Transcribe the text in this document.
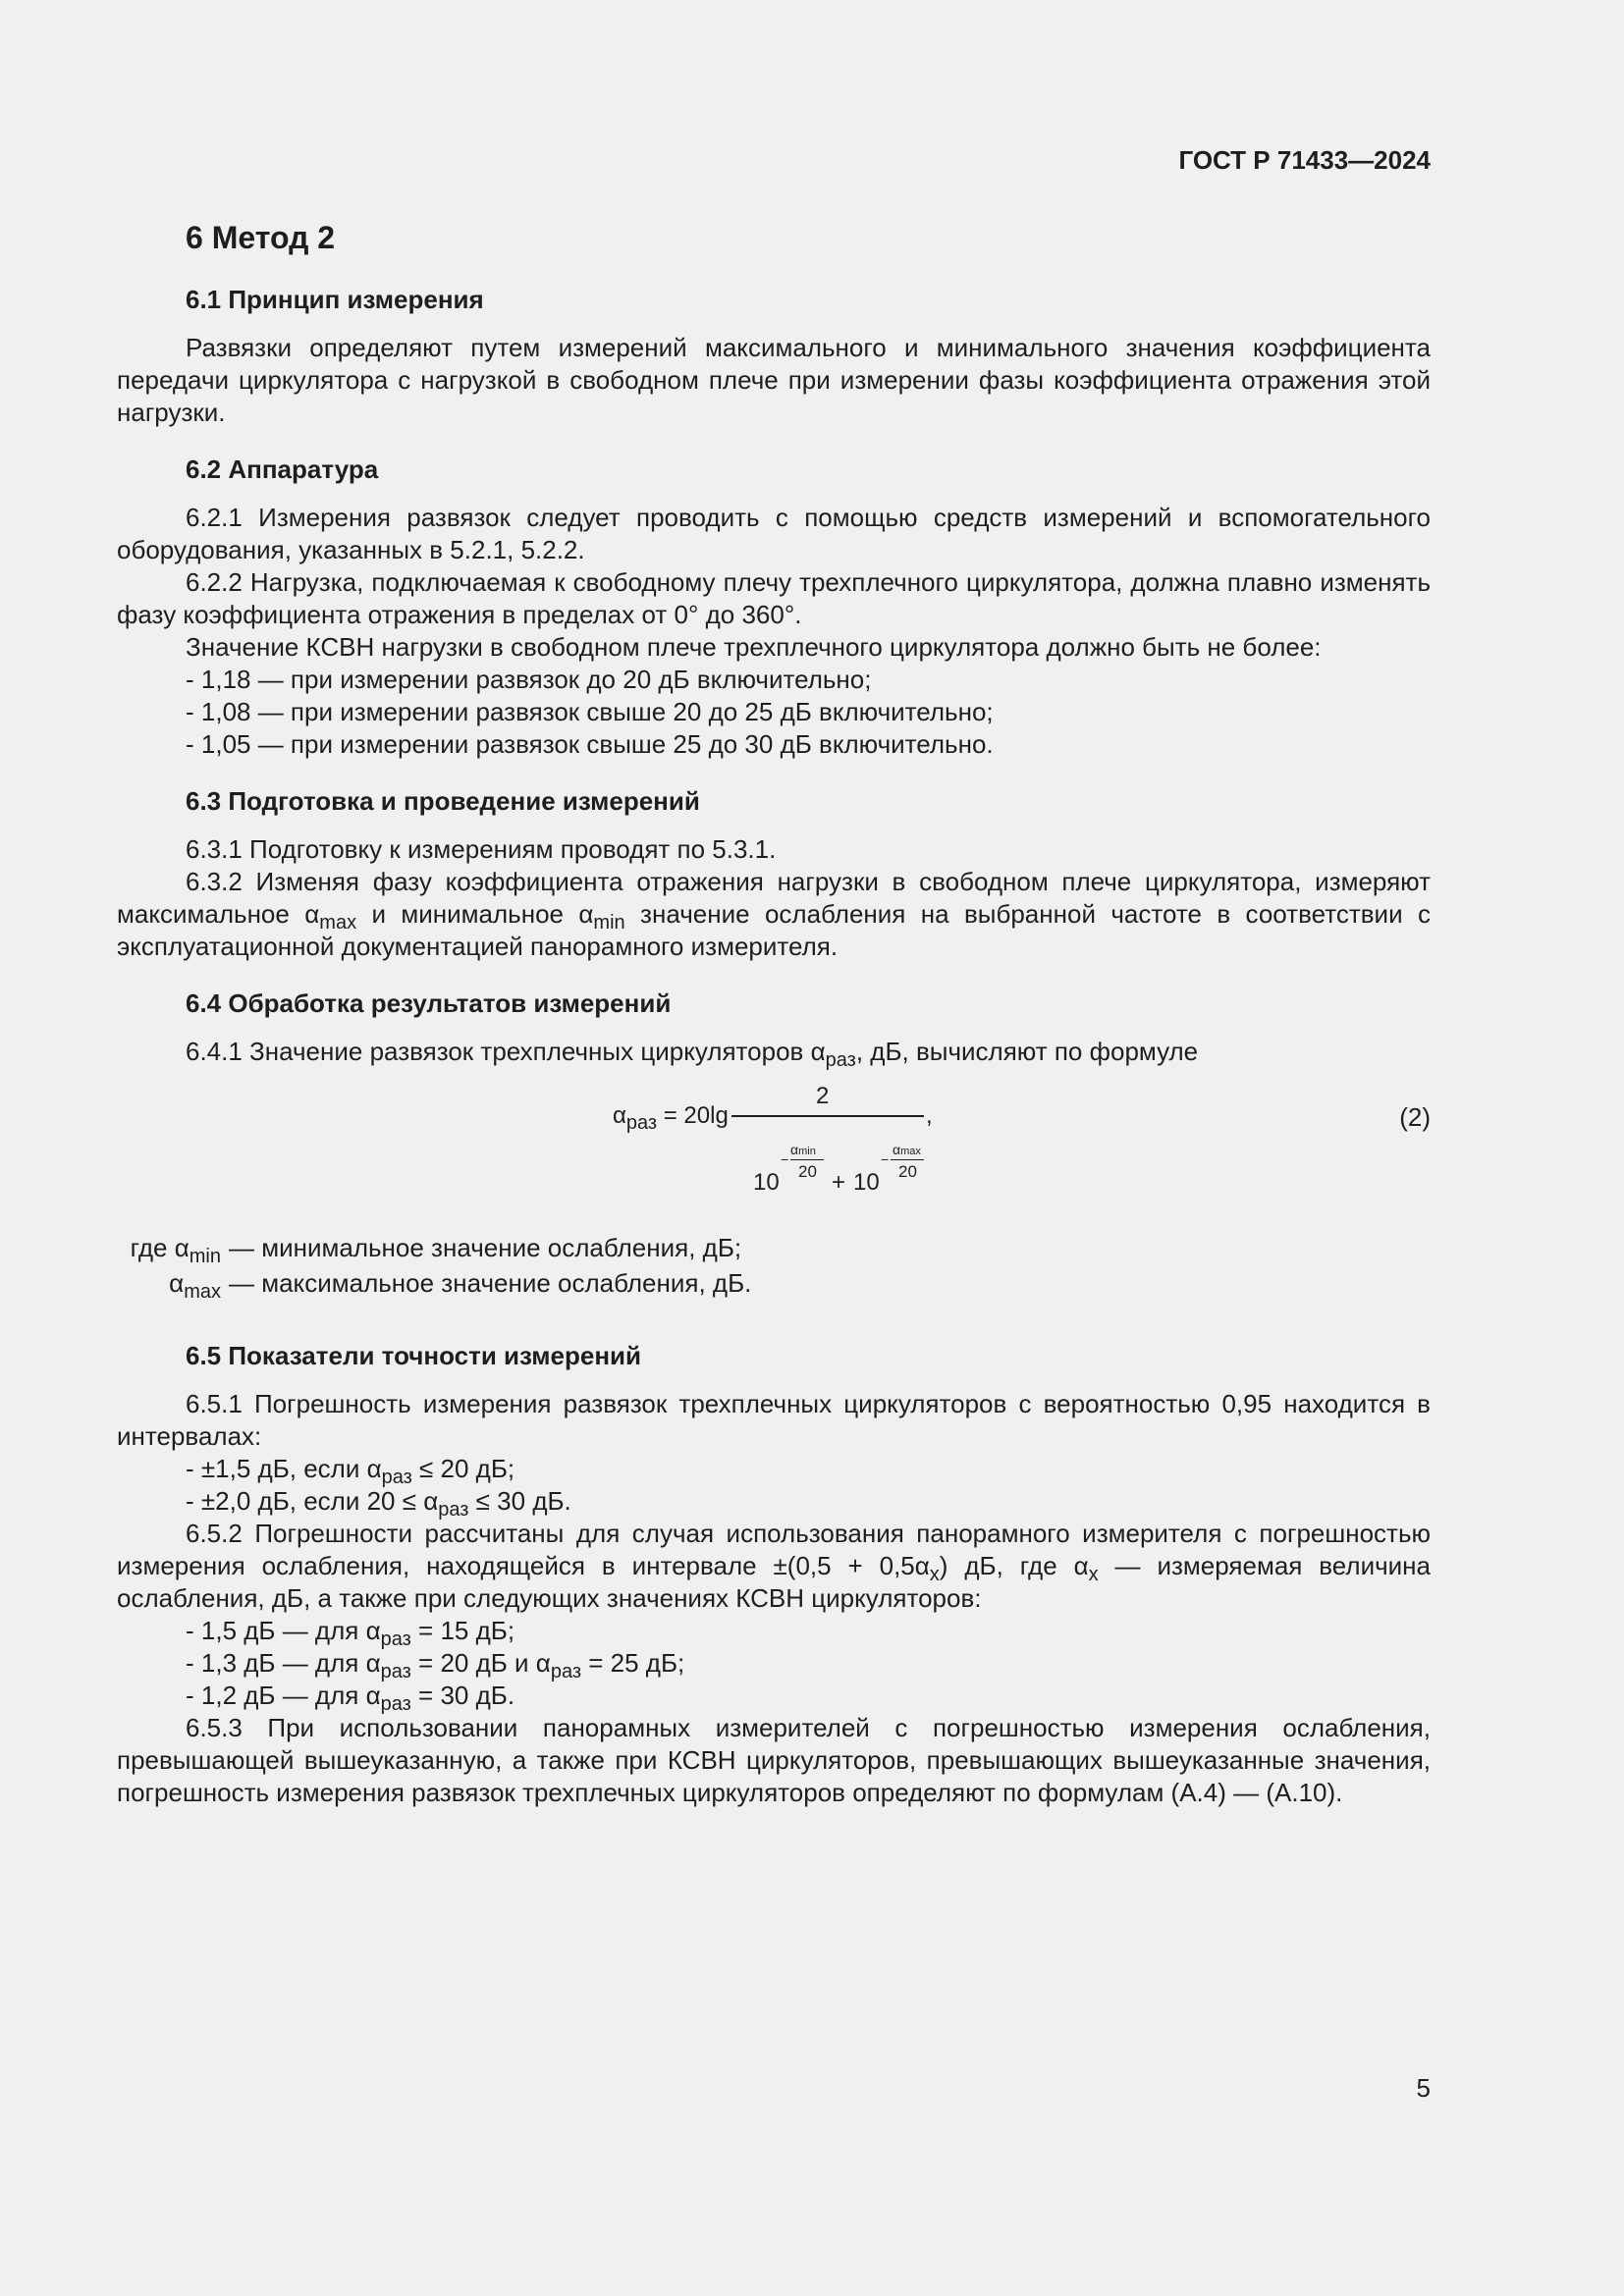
ГОСТ Р 71433—2024
6 Метод 2
6.1 Принцип измерения

Развязки определяют путем измерений максимального и минимального значения коэффициента передачи циркулятора с нагрузкой в свободном плече при измерении фазы коэффициента отражения этой нагрузки.

6.2 Аппаратура

6.2.1 Измерения развязок следует проводить с помощью средств измерений и вспомогательного оборудования, указанных в 5.2.1, 5.2.2.

6.2.2 Нагрузка, подключаемая к свободному плечу трехплечного циркулятора, должна плавно изменять фазу коэффициента отражения в пределах от 0° до 360°.

Значение КСВН нагрузки в свободном плече трехплечного циркулятора должно быть не более:

- 1,18 — при измерении развязок до 20 дБ включительно;
- 1,08 — при измерении развязок свыше 20 до 25 дБ включительно;
- 1,05 — при измерении развязок свыше 25 до 30 дБ включительно.
6.3 Подготовка и проведение измерений

6.3.1 Подготовку к измерениям проводят по 5.3.1.

6.3.2 Изменяя фазу коэффициента отражения нагрузки в свободном плече циркулятора, измеряют максимальное $\alpha_{max}$ и минимальное $\alpha_{min}$ значение ослабления на выбранной частоте в соответствии с эксплуатационной документацией панорамного измерителя.

6.4 Обработка результатов измерений

6.4.1 Значение развязок трехплечных циркуляторов $\alpha_{раз}$, дБ, вычисляют по формуле

$\alpha_{раз} = 20\lg$
2
,
10
−
αmin
20 + 10
−
αmax
20
(2)
где $\alpha_{min}$ — минимальное значение ослабления, дБ;
$\alpha_{max}$ — максимальное значение ослабления, дБ.
6.5 Показатели точности измерений

6.5.1 Погрешность измерения развязок трехплечных циркуляторов с вероятностью 0,95 находится в интервалах:

- ±1,5 дБ, если $\alpha_{раз} \le 20$ дБ;
- ±2,0 дБ, если $20 \le \alpha_{раз} \le 30$ дБ.

6.5.2 Погрешности рассчитаны для случая использования панорамного измерителя с погрешностью измерения ослабления, находящейся в интервале $\pm(0,5 + 0,5\alpha_x)$ дБ, где $\alpha_x$ — измеряемая величина ослабления, дБ, а также при следующих значениях КСВН циркуляторов:

- 1,5 дБ — для $\alpha_{раз} = 15$ дБ;
- 1,3 дБ — для $\alpha_{раз} = 20$ дБ и $\alpha_{раз} = 25$ дБ;
- 1,2 дБ — для $\alpha_{раз} = 30$ дБ.

6.5.3 При использовании панорамных измерителей с погрешностью измерения ослабления, превышающей вышеуказанную, а также при КСВН циркуляторов, превышающих вышеуказанные значения, погрешность измерения развязок трехплечных циркуляторов определяют по формулам (А.4) — (А.10).

5
